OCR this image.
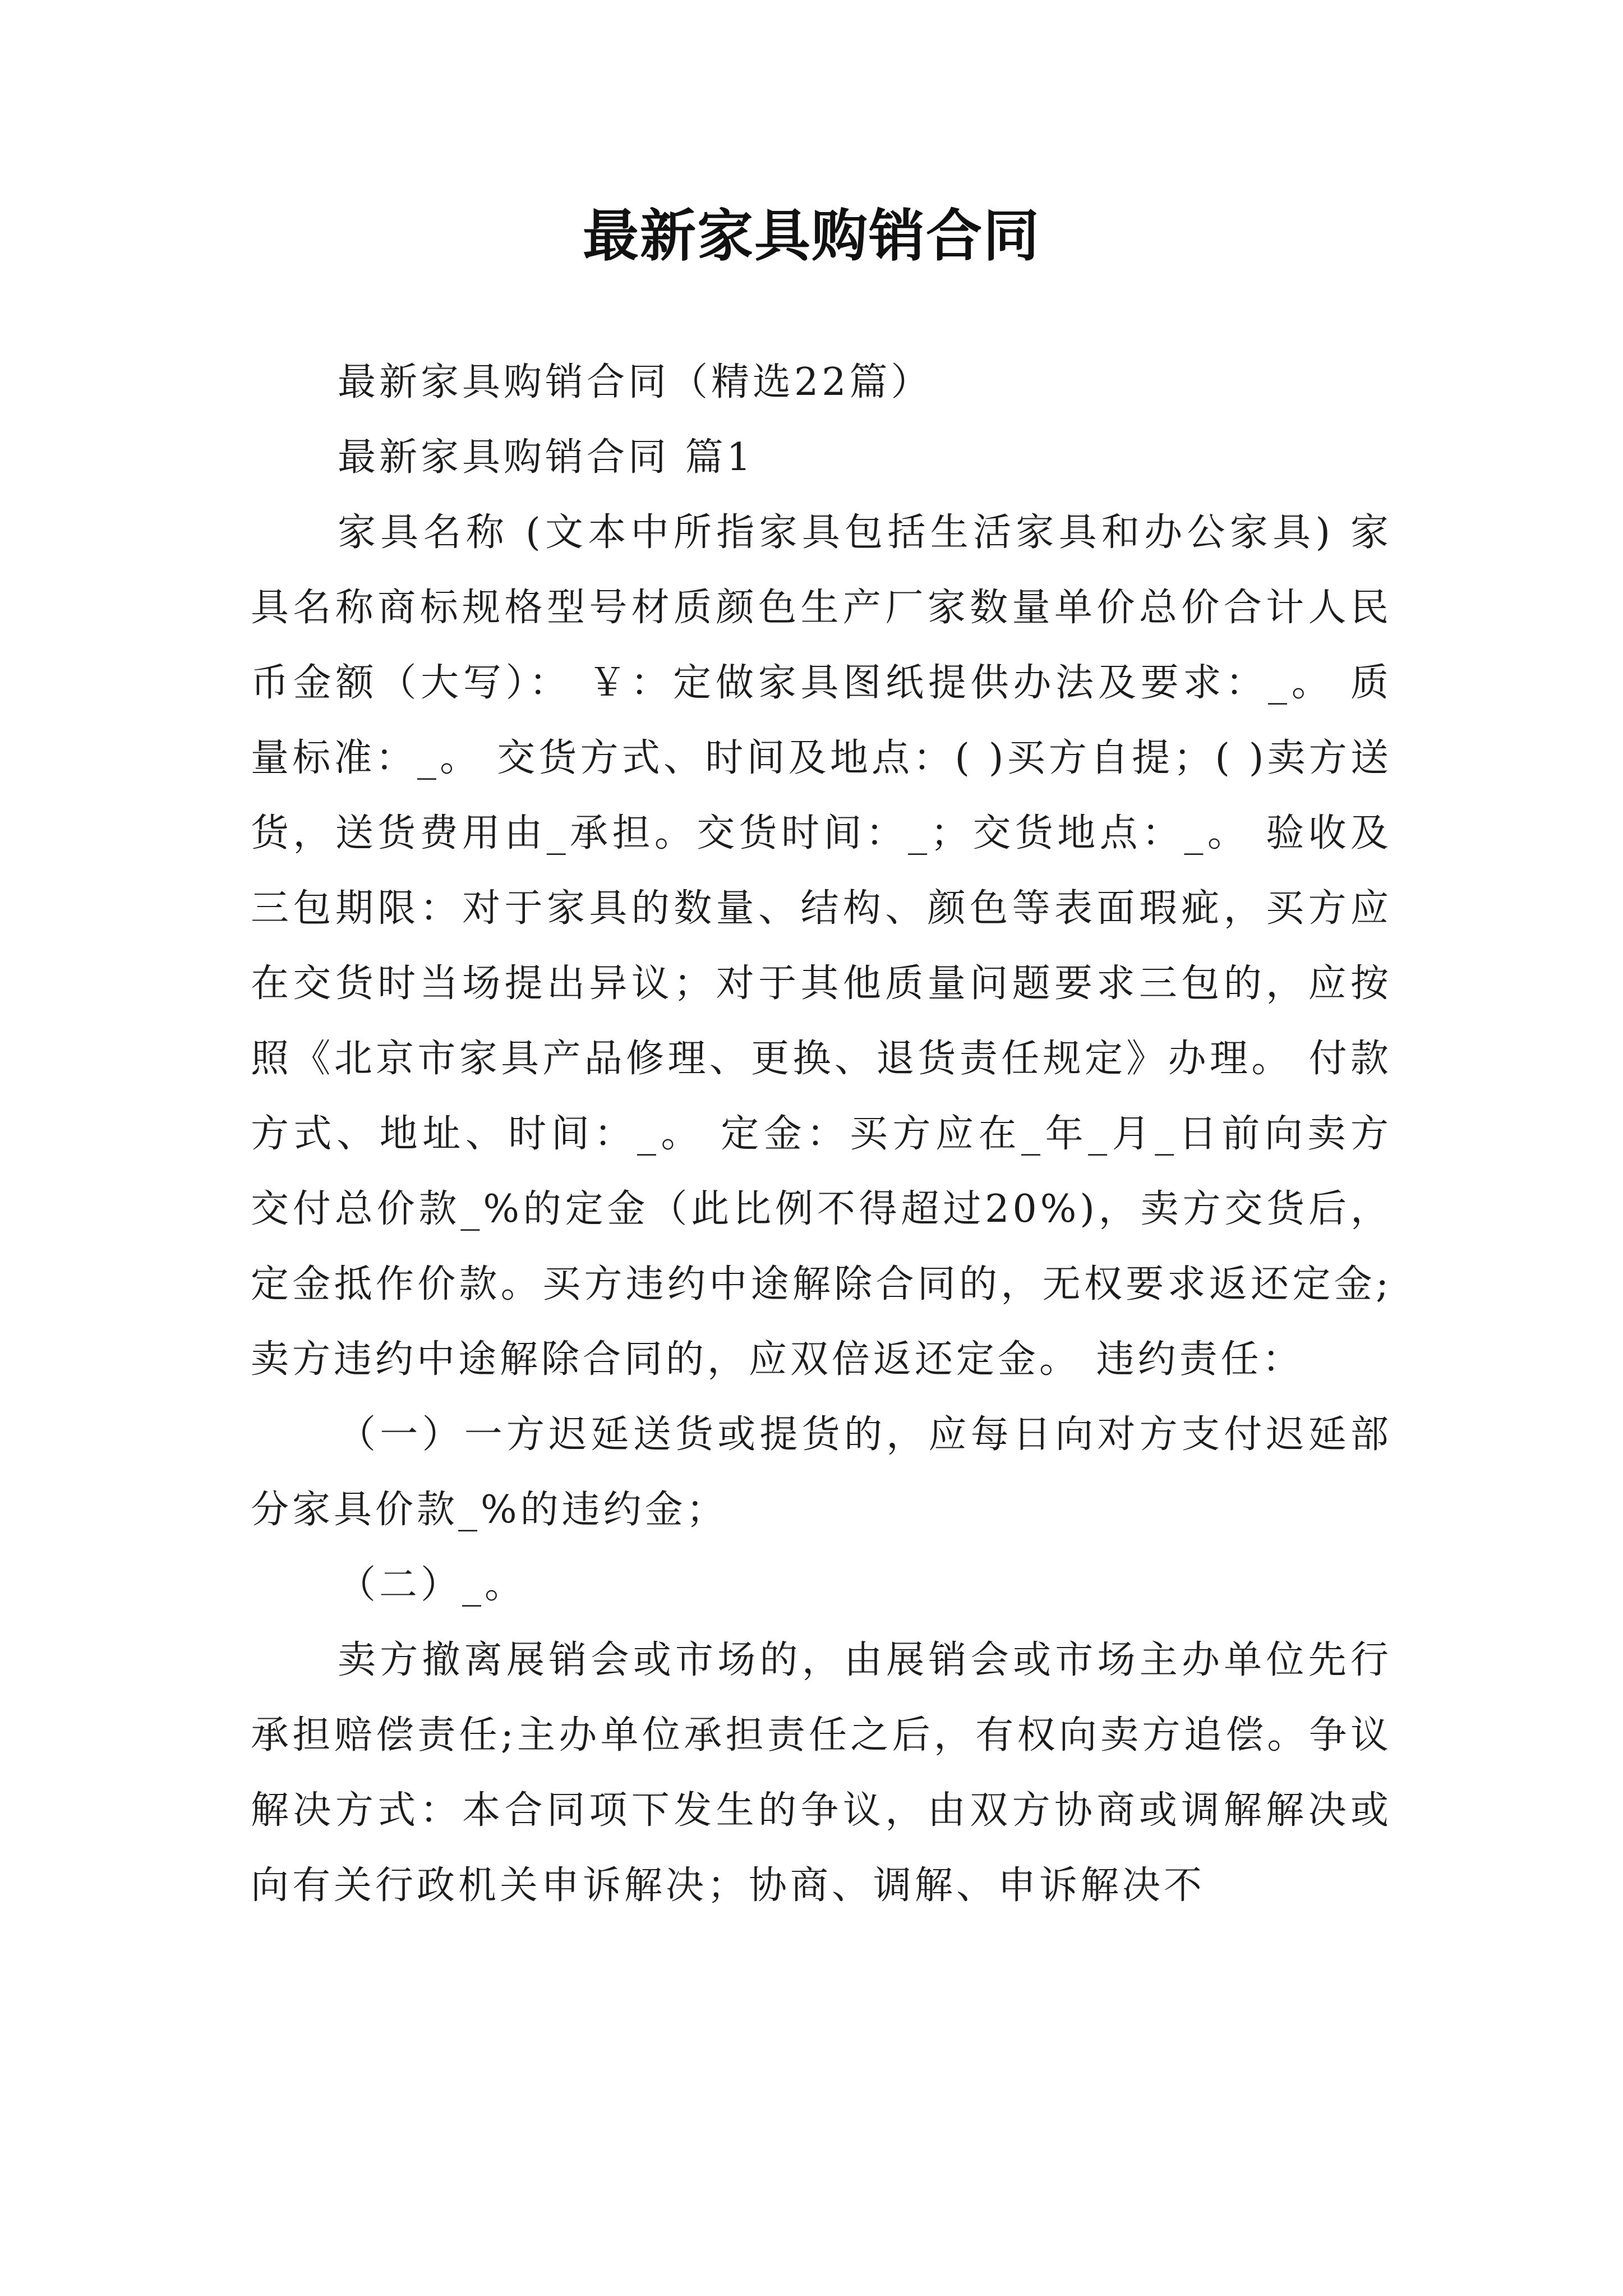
最新家具购销合同

最新家具购销合同（精选22篇）

最新家具购销合同 篇1

家具名称 (文本中所指家具包括生活家具和办公家具) 家具名称商标规格型号材质颜色生产厂家数量单价总价合计人民币金额（大写）： ￥：定做家具图纸提供办法及要求：_。 质量标准：_。 交货方式、时间及地点：( )买方自提；( )卖方送货，送货费用由_承担。交货时间：_；交货地点：_。 验收及三包期限：对于家具的数量、结构、颜色等表面瑕疵，买方应在交货时当场提出异议；对于其他质量问题要求三包的，应按照《北京市家具产品修理、更换、退货责任规定》办理。 付款方式、地址、时间：_。 定金：买方应在_年_月_日前向卖方交付总价款_%的定金（此比例不得超过20%)，卖方交货后，定金抵作价款。买方违约中途解除合同的，无权要求返还定金;卖方违约中途解除合同的，应双倍返还定金。 违约责任：

（一）一方迟延送货或提货的，应每日向对方支付迟延部分家具价款_%的违约金；

（二）_。

卖方撤离展销会或市场的，由展销会或市场主办单位先行承担赔偿责任;主办单位承担责任之后，有权向卖方追偿。争议解决方式：本合同项下发生的争议，由双方协商或调解解决或向有关行政机关申诉解决；协商、调解、申诉解决不
